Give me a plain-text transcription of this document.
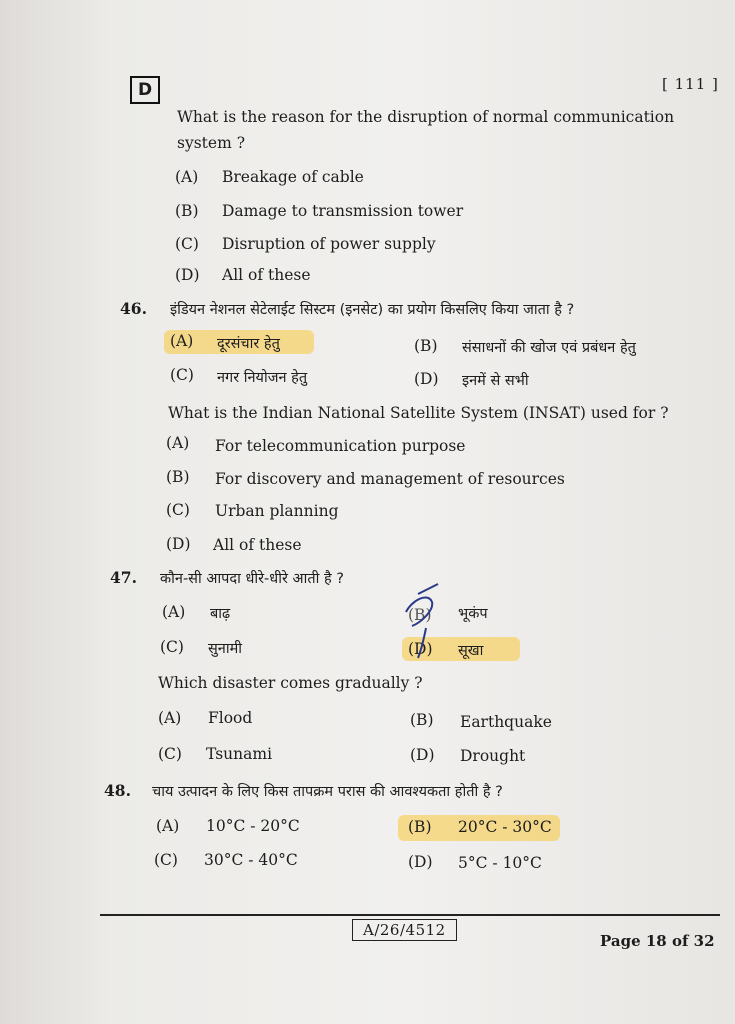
D	[ 111 ]
What is the reason for the disruption of normal communication
system ?
(A) Breakage of cable
(B) Damage to transmission tower
(C) Disruption of power supply
(D) All of these
46. इंडियन नेशनल सेटेलाईट सिस्टम (इनसेट) का प्रयोग किसलिए किया जाता है ?
(A) दूरसंचार हेतु	(B) संसाधनों की खोज एवं प्रबंधन हेतु
(C) नगर नियोजन हेतु	(D) इनमें से सभी
What is the Indian National Satellite System (INSAT) used for ?
(A) For telecommunication purpose
(B) For discovery and management of resources
(C) Urban planning
(D) All of these
47. कौन-सी आपदा धीरे-धीरे आती है ?
(A) बाढ़	(B) भूकंप
(C) सुनामी	(D) सूखा
Which disaster comes gradually ?
(A) Flood	(B) Earthquake
(C) Tsunami	(D) Drought
48. चाय उत्पादन के लिए किस तापक्रम परास की आवश्यकता होती है ?
(A) 10°C - 20°C	(B) 20°C - 30°C
(C) 30°C - 40°C	(D) 5°C - 10°C
A/26/4512
Page 18 of 32
